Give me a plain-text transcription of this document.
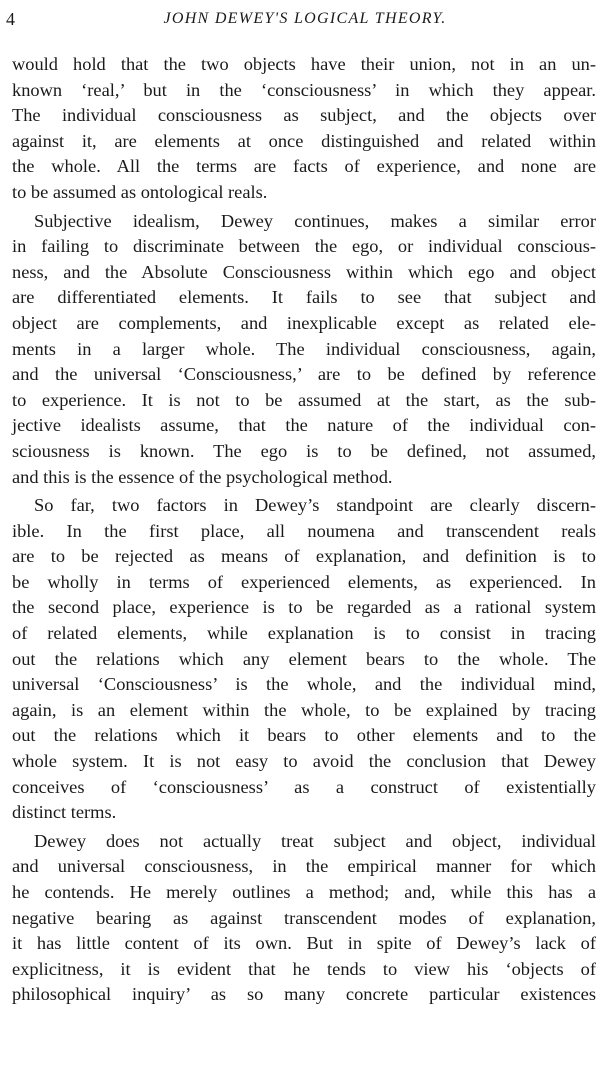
4	JOHN DEWEY'S LOGICAL THEORY.
would hold that the two objects have their union, not in an un-
known ‘real,’ but in the ‘consciousness’ in which they appear.
The individual consciousness as subject, and the objects over
against it, are elements at once distinguished and related within
the whole. All the terms are facts of experience, and none are
to be assumed as ontological reals.
Subjective idealism, Dewey continues, makes a similar error
in failing to discriminate between the ego, or individual conscious-
ness, and the Absolute Consciousness within which ego and object
are differentiated elements. It fails to see that subject and
object are complements, and inexplicable except as related ele-
ments in a larger whole. The individual consciousness, again,
and the universal ‘Consciousness,’ are to be defined by reference
to experience. It is not to be assumed at the start, as the sub-
jective idealists assume, that the nature of the individual con-
sciousness is known. The ego is to be defined, not assumed,
and this is the essence of the psychological method.
So far, two factors in Dewey’s standpoint are clearly discern-
ible. In the first place, all noumena and transcendent reals
are to be rejected as means of explanation, and definition is to
be wholly in terms of experienced elements, as experienced. In
the second place, experience is to be regarded as a rational system
of related elements, while explanation is to consist in tracing
out the relations which any element bears to the whole. The
universal ‘Consciousness’ is the whole, and the individual mind,
again, is an element within the whole, to be explained by tracing
out the relations which it bears to other elements and to the
whole system. It is not easy to avoid the conclusion that Dewey
conceives of ‘consciousness’ as a construct of existentially
distinct terms.
Dewey does not actually treat subject and object, individual
and universal consciousness, in the empirical manner for which
he contends. He merely outlines a method; and, while this has a
negative bearing as against transcendent modes of explanation,
it has little content of its own. But in spite of Dewey’s lack of
explicitness, it is evident that he tends to view his ‘objects of
philosophical inquiry’ as so many concrete particular existences
